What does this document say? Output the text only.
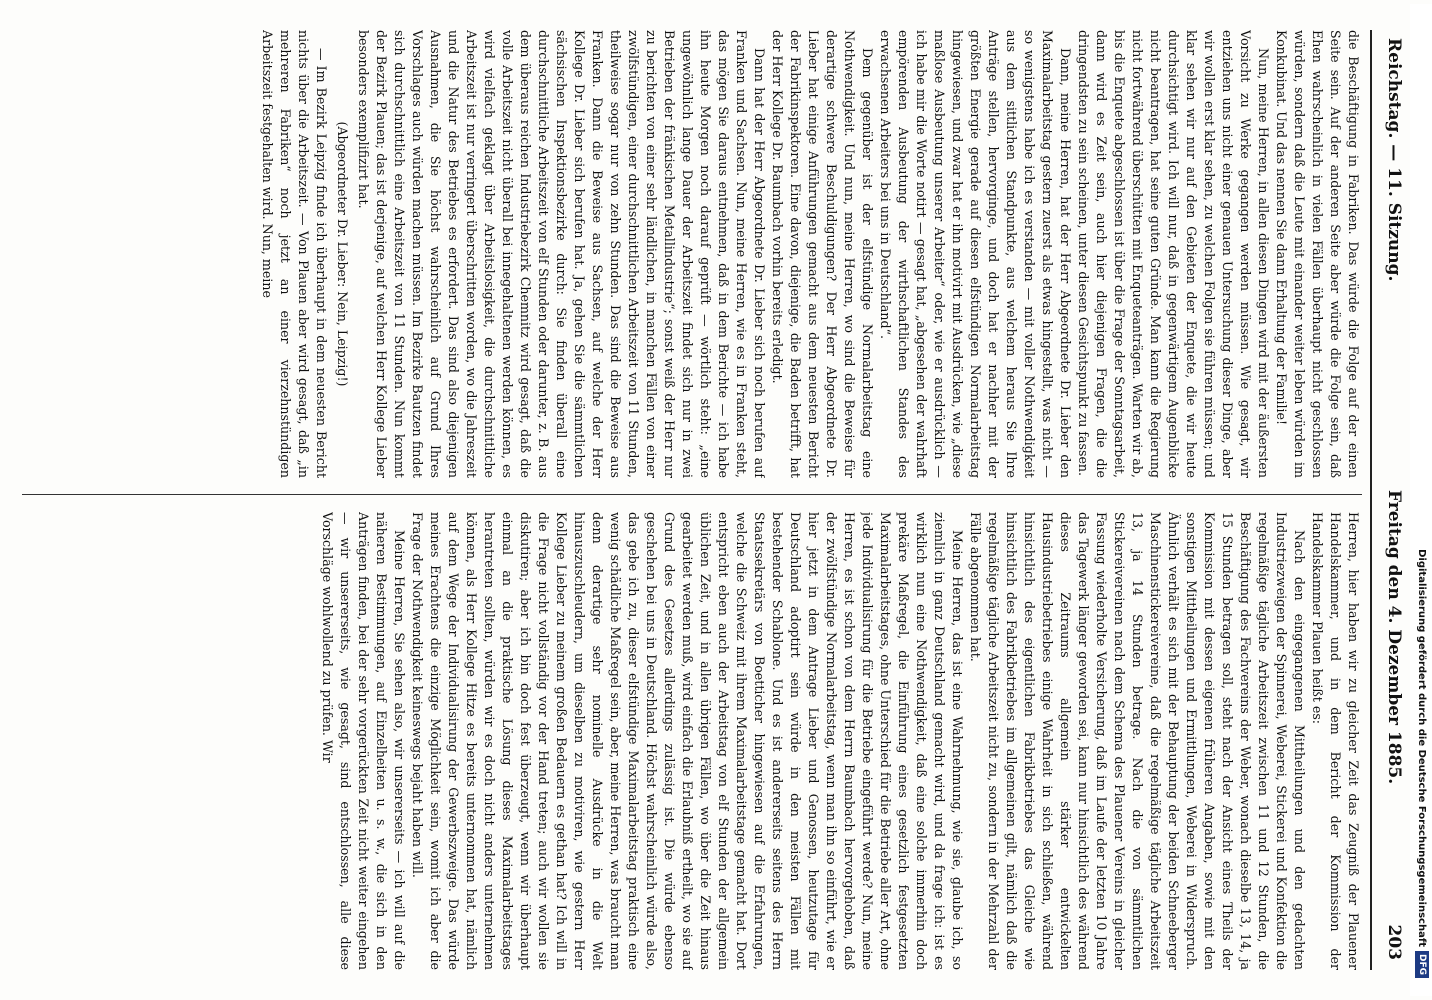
Reichstag. — 11. Sitzung.
Freitag den 4. Dezember 1885.
203

die Beschäftigung in Fabriken. Das würde die Folge auf der einen Seite sein. Auf der anderen Seite aber würde die Folge sein, daß Ehen wahrscheinlich in vielen Fällen überhaupt nicht geschlossen würden, sondern daß die Leute mit einander weiter leben würden im Konkubinat. Und das nennen Sie dann Erhaltung der Familie!

Nun, meine Herren, in allen diesen Dingen wird mit der äußersten Vorsicht zu Werke gegangen werden müssen. Wie gesagt, wir entziehen uns nicht einer genauen Untersuchung dieser Dinge, aber wir wollen erst klar sehen, zu welchen Folgen sie führen müssen; und klar sehen wir nur auf den Gebieten der Enquete, die wir heute durchsichtigt wird. Ich will nur, daß in gegenwärtigem Augenblicke nicht beantragen, hat seine guten Gründe. Man kann die Regierung nicht fortwährend überschütten mit Enqueteanträgen. Warten wir ab, bis die Enquete abgeschlossen ist über die Frage der Sonntagsarbeit, dann wird es Zeit sein, auch hier diejenigen Fragen, die die dringendsten zu sein scheinen, unter diesen Gesichtspunkt zu fassen.

Dann, meine Herren, hat der Herr Abgeordnete Dr. Lieber den Maximalarbeitstag gestern zuerst als etwas hingestellt, was nicht — so wenigstens habe ich es verstanden — mit voller Nothwendigkeit aus dem sittlichen Standpunkte, aus welchem heraus Sie Ihre Anträge stellen, hervorginge, und doch hat er nachher mit der größten Energie gerade auf diesen elfstündigen Normalarbeitstag hingewiesen, und zwar hat er ihn motivirt mit Ausdrücken, wie „diese maßlose Ausbeutung unserer Arbeiter“ oder, wie er ausdrücklich — ich habe mir die Worte notirt — gesagt hat, „abgesehen der wahrhaft empörenden Ausbeutung der wirthschaftlichen Standes des erwachsenen Arbeiters bei uns in Deutschland“.

Dem gegenüber ist der elfstündige Normalarbeitstag eine Nothwendigkeit. Und nun, meine Herren, wo sind die Beweise für derartige schwere Beschuldigungen? Der Herr Abgeordnete Dr. Lieber hat einige Anführungen gemacht aus dem neuesten Bericht der Fabrikinspektoren. Eine davon, diejenige, die Baden betrifft, hat der Herr Kollege Dr. Baumbach vorhin bereits erledigt.

Dann hat der Herr Abgeordnete Dr. Lieber sich noch berufen auf Franken und Sachsen. Nun, meine Herren, wie es in Franken steht, das mögen Sie daraus entnehmen, daß in dem Berichte — ich habe ihn heute Morgen noch darauf geprüft — wörtlich steht: „eine ungewöhnlich lange Dauer der Arbeitszeit findet sich nur in zwei Betrieben der fränkischen Metallindustrie“; sonst weiß der Herr nur zu berichten von einer sehr ländlichen, in manchen Fällen von einer zwölfstündigen, einer durchschnittlichen Arbeitszeit von 11 Stunden, theilweise sogar nur von zehn Stunden. Das sind die Beweise aus Franken. Dann die Beweise aus Sachsen, auf welche der Herr Kollege Dr. Lieber sich berufen hat. Ja, gehen Sie die sämmtlichen sächsischen Inspektionsbezirke durch: Sie finden überall eine durchschnittliche Arbeitszeit von elf Stunden oder darunter, z. B. aus dem überaus reichen Industriebezirk Chemnitz wird gesagt, daß die volle Arbeitszeit nicht überall bei innegehaltenen werden können, es wird vielfach geklagt über Arbeitslosigkeit, die durchschnittliche Arbeitszeit ist nur verringert überschritten worden, wo die Jahreszeit und die Natur des Betriebes es erfordert. Das sind also diejenigen Ausnahmen, die Sie höchst wahrscheinlich auf Grund Ihres Vorschlages auch würden machen müssen. Im Bezirke Bautzen findet sich durchschnittlich eine Arbeitszeit von 11 Stunden. Nun kommt der Bezirk Plauen; das ist derjenige, auf welchen Herr Kollege Lieber besonders exemplifizirt hat.

(Abgeordneter Dr. Lieber: Nein, Leipzig!)

— Im Bezirk Leipzig finde ich überhaupt in dem neuesten Bericht nichts über die Arbeitszeit. — Von Plauen aber wird gesagt, daß „in mehreren Fabriken“ noch jetzt an einer vierzehnstündigen Arbeitszeit festgehalten wird. Nun, meine

Herren, hier haben wir zu gleicher Zeit das Zeugniß der Plauener Handelskammer, und in dem Bericht der Kommission der Handelskammer Plauen heißt es:

Nach den eingegangenen Mittheilungen und den gedachten Industriezweigen der Spinnerei, Weberei, Stickerei und Konfektion die regelmäßige tägliche Arbeitszeit zwischen 11 und 12 Stunden, die Beschäftigung des Fachvereins der Weber, wonach dieselbe 13, 14, ja 15 Stunden betragen soll, steht nach der Ansicht eines Theils der Kommission mit dessen eigenen früheren Angaben, sowie mit den sonstigen Mittheilungen und Ermittlungen, Weberei in Widerspruch. Ähnlich verhält es sich mit der Behauptung der beiden Schneeberger Maschinenstickereivereine, daß die regelmäßige tägliche Arbeitszeit 13, ja 14 Stunden betrage. Nach die von sämmtlichen Stickereivereinen nach dem Schema des Plauener Vereins in gleicher Fassung wiederholte Versicherung, daß im Laufe der letzten 10 Jahre das Tagewerk länger geworden sei, kann nur hinsichtlich des während dieses Zeitraums allgemein stärker entwickelten Hausindustriebetriebes einige Wahrheit in sich schließen, während hinsichtlich des eigentlichen Fabrikbetriebes das Gleiche wie hinsichtlich des Fabrikbetriebes im allgemeinen gilt, nämlich daß die regelmäßige tägliche Arbeitszeit nicht zu, sondern in der Mehrzahl der Fälle abgenommen hat.

Meine Herren, das ist eine Wahrnehmung, wie sie, glaube ich, so ziemlich in ganz Deutschland gemacht wird, und da frage ich: ist es wirklich nun eine Nothwendigkeit, daß eine solche immerhin doch prekäre Maßregel, die Einführung eines gesetzlich festgesetzten Maximalarbeitstages, ohne Unterschied für die Betriebe aller Art, ohne jede Individualisirung für die Betriebe eingeführt werde? Nun, meine Herren, es ist schon von dem Herrn Baumbach hervorgehoben, daß der zwölfstündige Normalarbeitstag, wenn man ihn so einführt, wie er hier jetzt in dem Antrage Lieber und Genossen, heutzutage für Deutschland adoptirt sein würde in den meisten Fällen mit bestehender Schablone. Und es ist andererseits seitens des Herrn Staatssekretärs von Boetticher hingewiesen auf die Erfahrungen, welche die Schweiz mit ihrem Maximalarbeitstage gemacht hat. Dort entspricht eben auch der Arbeitstag von elf Stunden der allgemein üblichen Zeit, und in allen übrigen Fällen, wo über die Zeit hinaus gearbeitet werden muß, wird einfach die Erlaubniß ertheilt, wo sie auf Grund des Gesetzes allerdings zulässig ist. Die würde ebenso geschehen bei uns in Deutschland. Höchst wahrscheinlich würde also, das gebe ich zu, dieser elfstündige Maximalarbeitstag praktisch eine wenig schädliche Maßregel sein, aber, meine Herren, was braucht man denn derartige sehr nominelle Ausdrücke in die Welt hinauszuschleudern, um dieselben zu motiviren, wie gestern Herr Kollege Lieber zu meinem großen Bedauern es gethan hat? Ich will in die Frage nicht vollständig vor der Hand treten; auch wir wollen sie diskutiren; aber ich bin doch fest überzeugt, wenn wir überhaupt einmal an die praktische Lösung dieses Maximalarbeitstages herantreten sollten, würden wir es doch nicht anders unternehmen können, als Herr Kollege Hitze es bereits unternommen hat, nämlich auf dem Wege der Individualisirung der Gewerbszweige. Das würde meines Erachtens die einzige Möglichkeit sein, womit ich aber die Frage der Nothwendigkeit keineswegs bejaht haben will.

Meine Herren, Sie sehen also, wir unsererseits — ich will auf die näheren Bestimmungen, auf Einzelheiten u. s. w., die sich in den Anträgen finden, bei der sehr vorgerückten Zeit nicht weiter eingehen — wir unsererseits, wie gesagt, sind entschlossen, alle diese Vorschläge wohlwollend zu prüfen. Wir	Digitalisierung gefördert durch die Deutsche ForschungsgemeinschaftDFG
